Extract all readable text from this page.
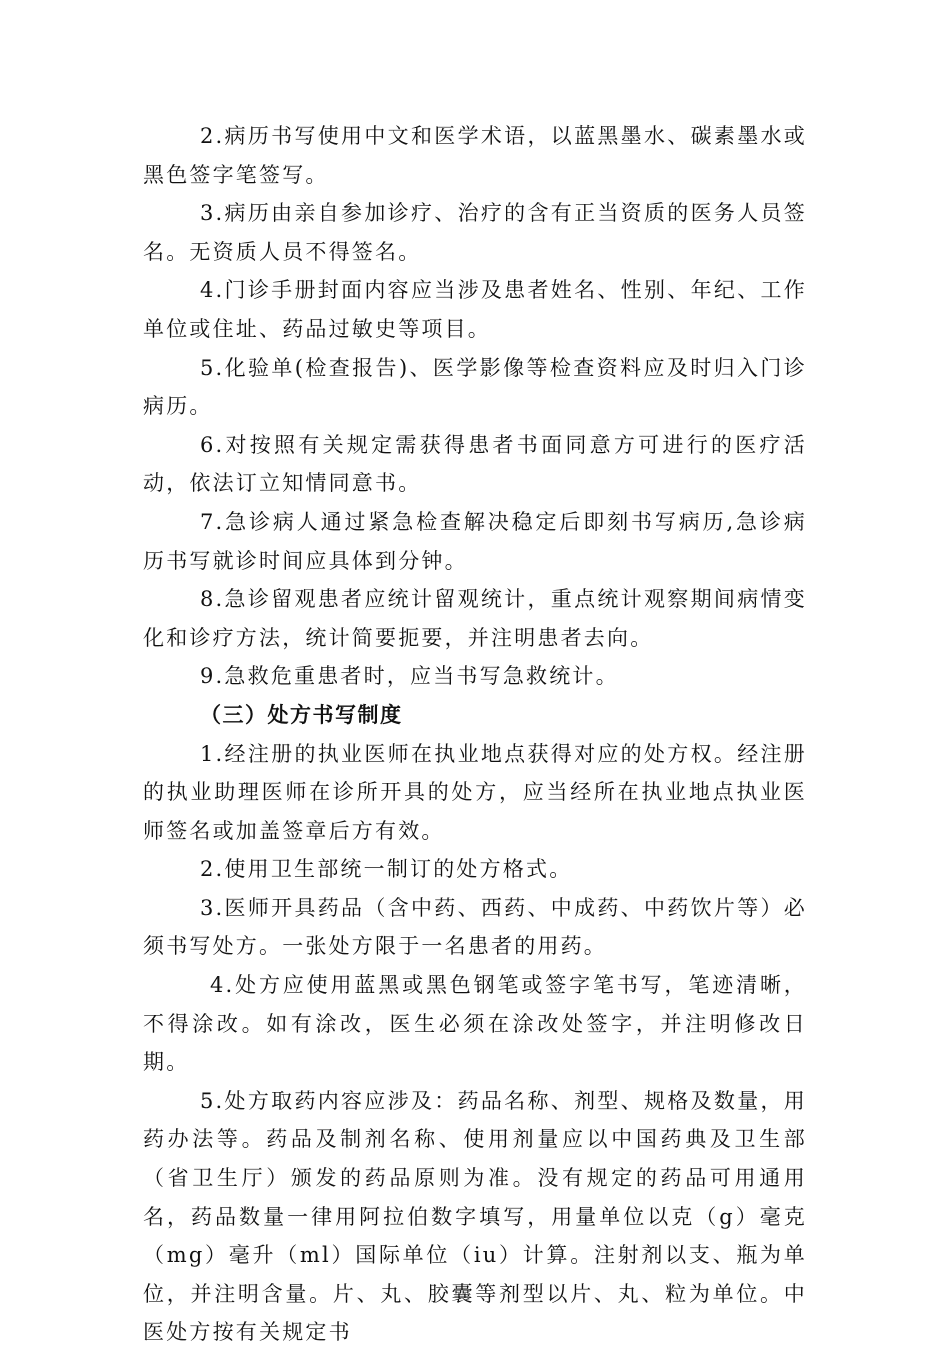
2.病历书写使用中文和医学术语，以蓝黑墨水、碳素墨水或黑色签字笔签写。

3.病历由亲自参加诊疗、治疗的含有正当资质的医务人员签名。无资质人员不得签名。

4.门诊手册封面内容应当涉及患者姓名、性别、年纪、工作单位或住址、药品过敏史等项目。

5.化验单(检查报告)、医学影像等检查资料应及时归入门诊病历。

6.对按照有关规定需获得患者书面同意方可进行的医疗活动，依法订立知情同意书。

7.急诊病人通过紧急检查解决稳定后即刻书写病历,急诊病历书写就诊时间应具体到分钟。

8.急诊留观患者应统计留观统计，重点统计观察期间病情变化和诊疗方法，统计简要扼要，并注明患者去向。

9.急救危重患者时，应当书写急救统计。

（三）处方书写制度

1.经注册的执业医师在执业地点获得对应的处方权。经注册的执业助理医师在诊所开具的处方，应当经所在执业地点执业医师签名或加盖签章后方有效。

2.使用卫生部统一制订的处方格式。

3.医师开具药品（含中药、西药、中成药、中药饮片等）必须书写处方。一张处方限于一名患者的用药。

4.处方应使用蓝黑或黑色钢笔或签字笔书写，笔迹清晰，不得涂改。如有涂改，医生必须在涂改处签字，并注明修改日期。

5.处方取药内容应涉及：药品名称、剂型、规格及数量，用药办法等。药品及制剂名称、使用剂量应以中国药典及卫生部（省卫生厅）颁发的药品原则为准。没有规定的药品可用通用名，药品数量一律用阿拉伯数字填写，用量单位以克（g）毫克（mg）毫升（ml）国际单位（iu）计算。注射剂以支、瓶为单位，并注明含量。片、丸、胶囊等剂型以片、丸、粒为单位。中医处方按有关规定书
